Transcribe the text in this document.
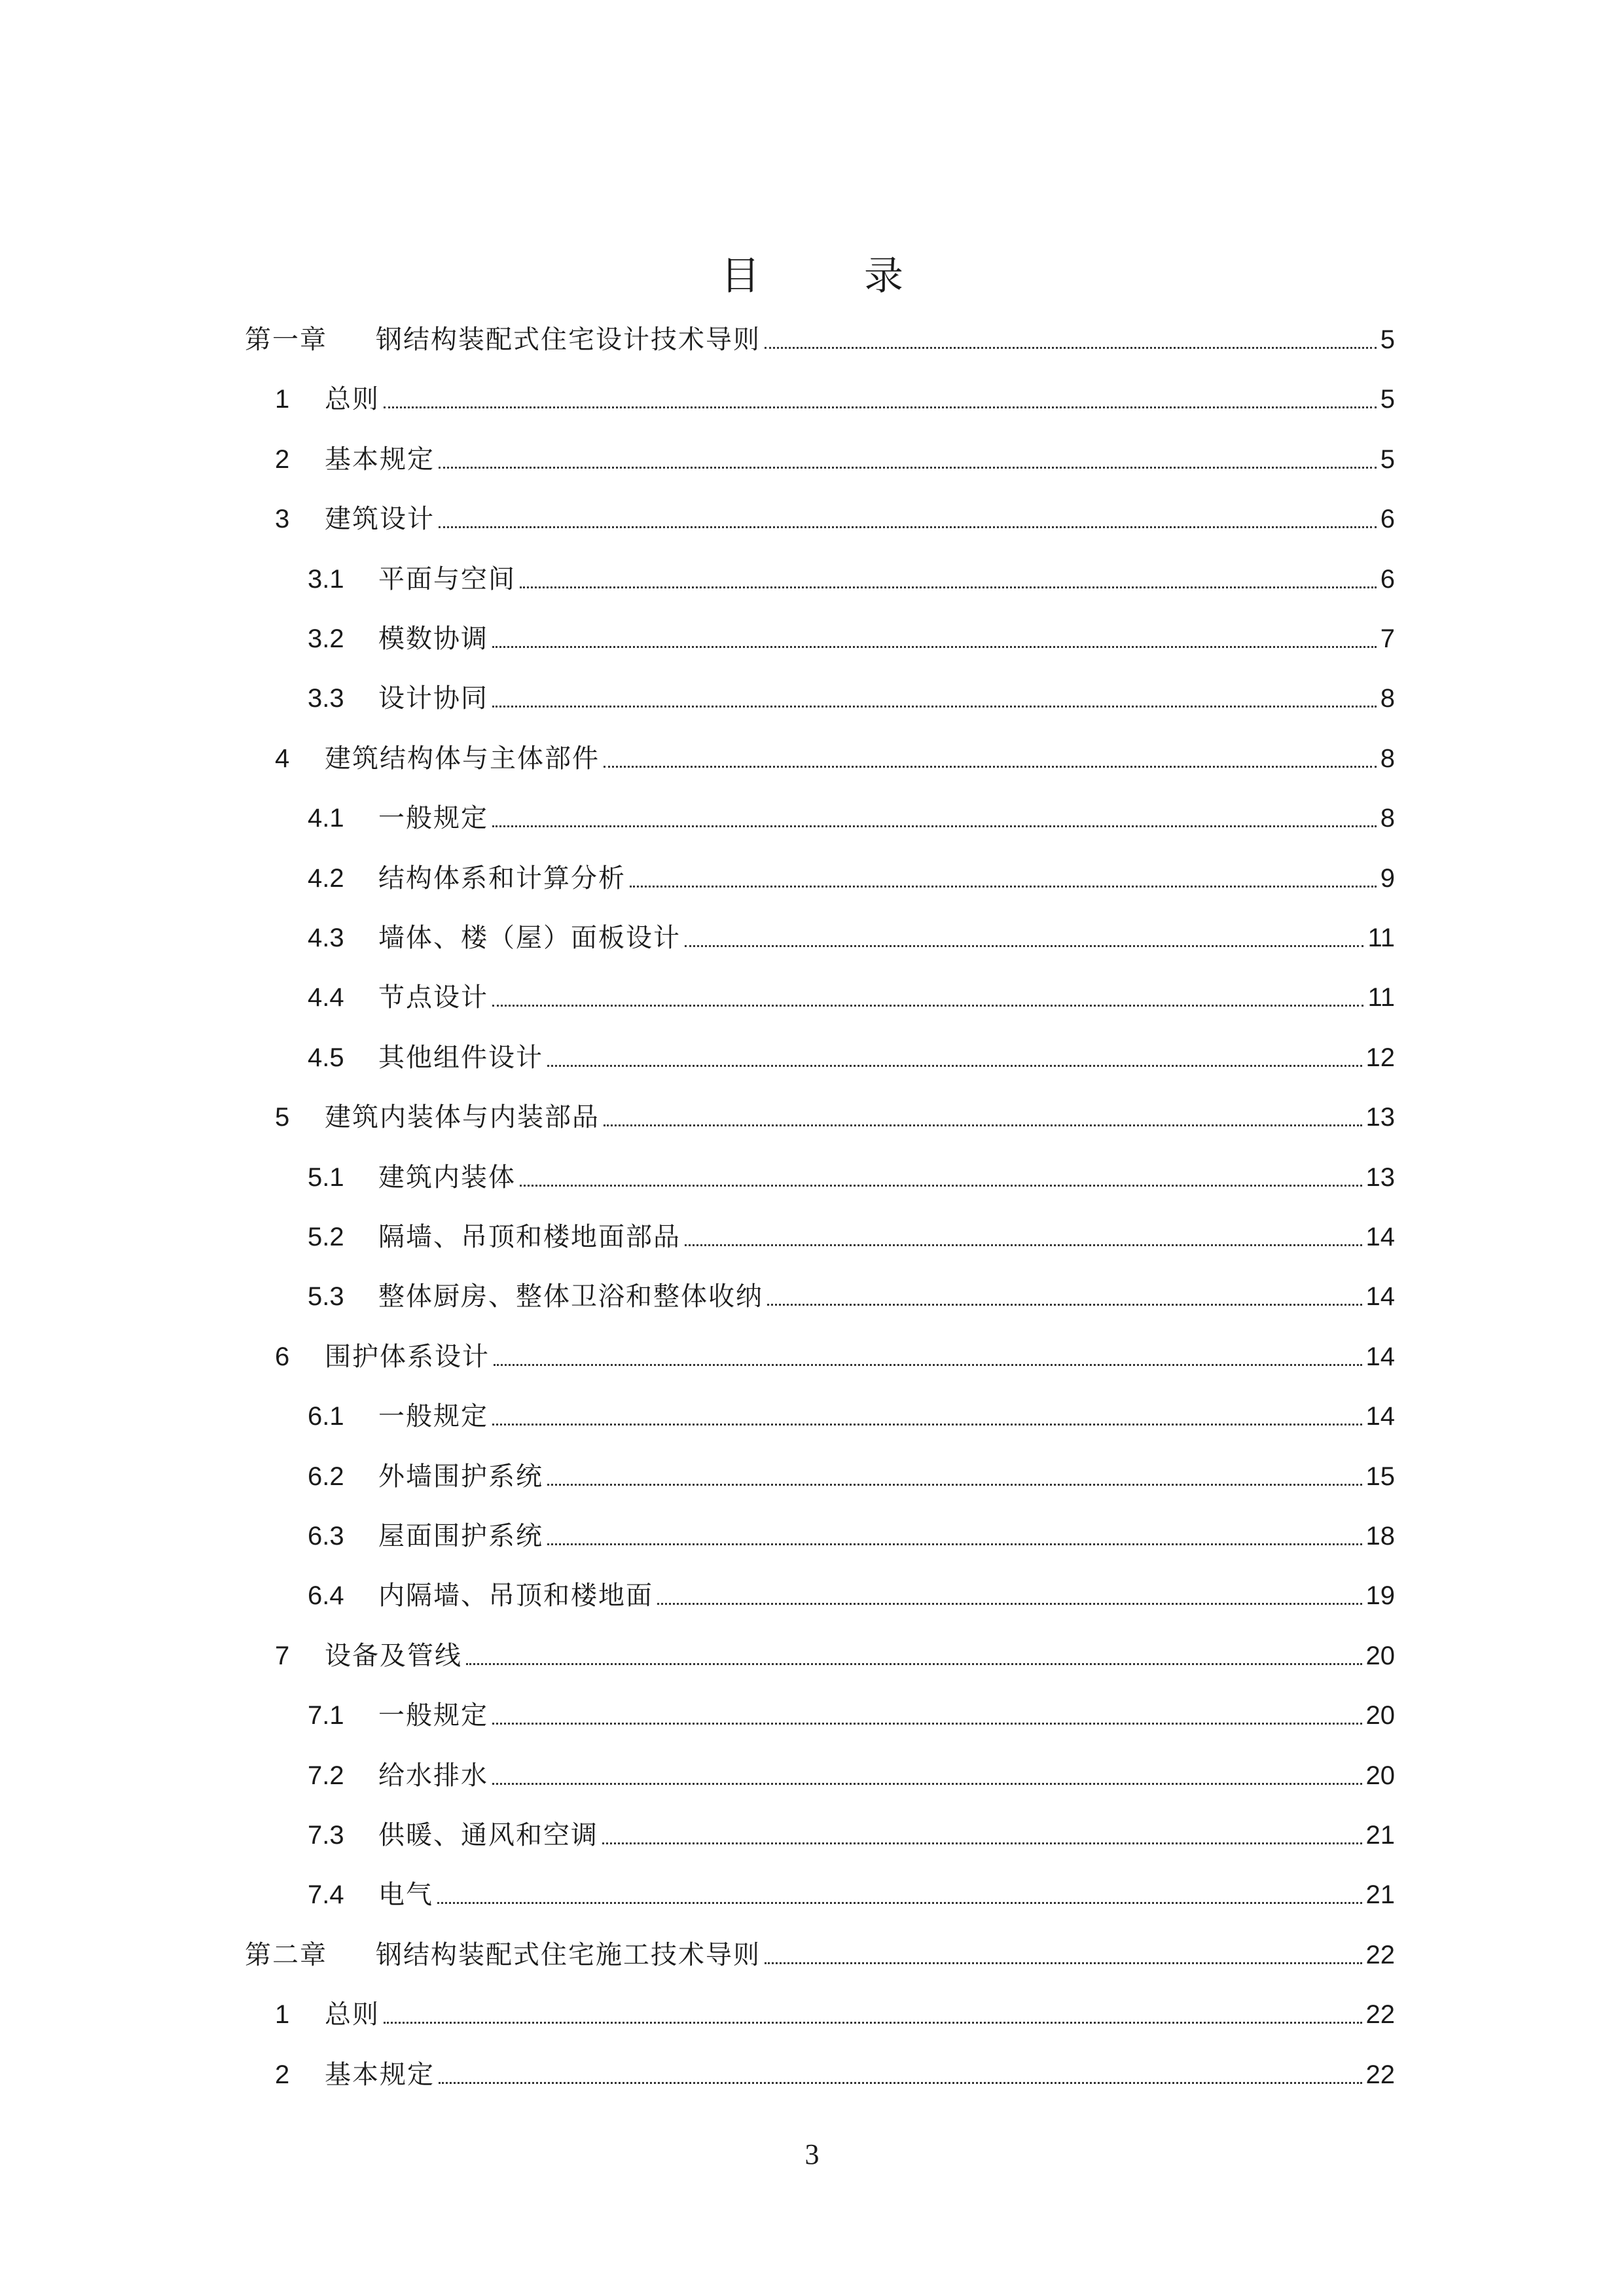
目 录
第一章	钢结构装配式住宅设计技术导则	5
1	总则	5
2	基本规定	5
3	建筑设计	6
3.1	平面与空间	6
3.2	模数协调	7
3.3	设计协同	8
4	建筑结构体与主体部件	8
4.1	一般规定	8
4.2	结构体系和计算分析	9
4.3	墙体、楼（屋）面板设计	11
4.4	节点设计	11
4.5	其他组件设计	12
5	建筑内装体与内装部品	13
5.1	建筑内装体	13
5.2	隔墙、吊顶和楼地面部品	14
5.3	整体厨房、整体卫浴和整体收纳	14
6	围护体系设计	14
6.1	一般规定	14
6.2	外墙围护系统	15
6.3	屋面围护系统	18
6.4	内隔墙、吊顶和楼地面	19
7	设备及管线	20
7.1	一般规定	20
7.2	给水排水	20
7.3	供暖、通风和空调	21
7.4	电气	21
第二章	钢结构装配式住宅施工技术导则	22
1	总则	22
2	基本规定	22
3
